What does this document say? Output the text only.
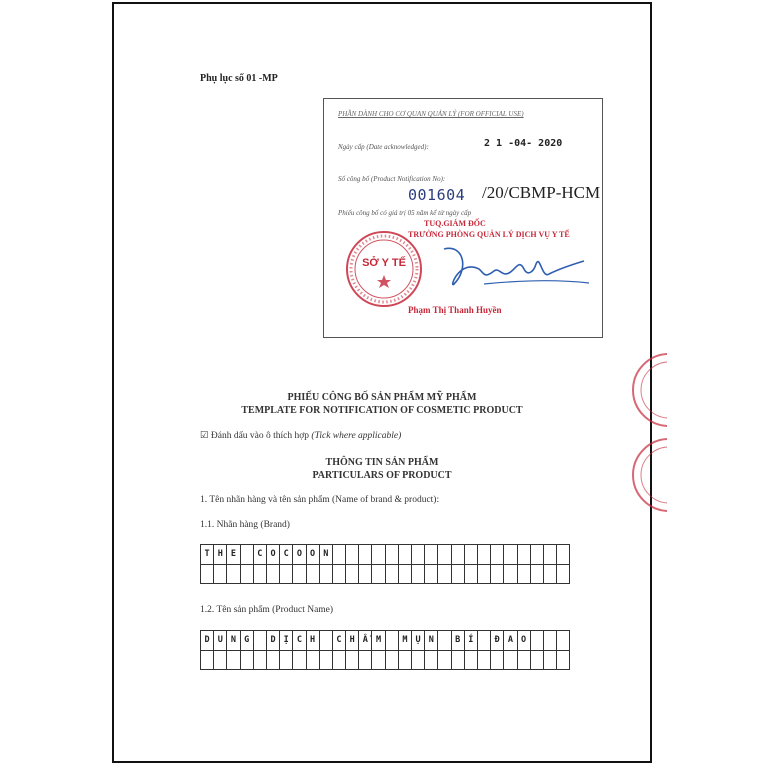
Phụ lục số 01 -MP
PHẦN DÀNH CHO CƠ QUAN QUẢN LÝ (FOR OFFICIAL USE)
Ngày cấp (Date acknowledged):	2 1 -04- 2020
Số công bố (Product Notification No):
001604 /20/CBMP-HCM
Phiếu công bố có giá trị 05 năm kể từ ngày cấp
TUQ.GIÁM ĐỐC
TRƯỞNG PHÒNG QUẢN LÝ DỊCH VỤ Y TẾ
SỞ Y TẾ
Phạm Thị Thanh Huyền
PHIẾU CÔNG BỐ SẢN PHẨM MỸ PHẨM
TEMPLATE FOR NOTIFICATION OF COSMETIC PRODUCT
☑ Đánh dấu vào ô thích hợp (Tick where applicable)
THÔNG TIN SẢN PHẨM
PARTICULARS OF PRODUCT
1. Tên nhãn hàng và tên sản phẩm (Name of brand & product):
1.1. Nhãn hàng (Brand)
T	H	E		C	O	C	O	O	N																		

1.2. Tên sản phẩm (Product Name)
D	U	N	G		D	Ị	C	H		C	H	Ấ	M		M	Ụ	N		B	Í		Đ	A	O			
